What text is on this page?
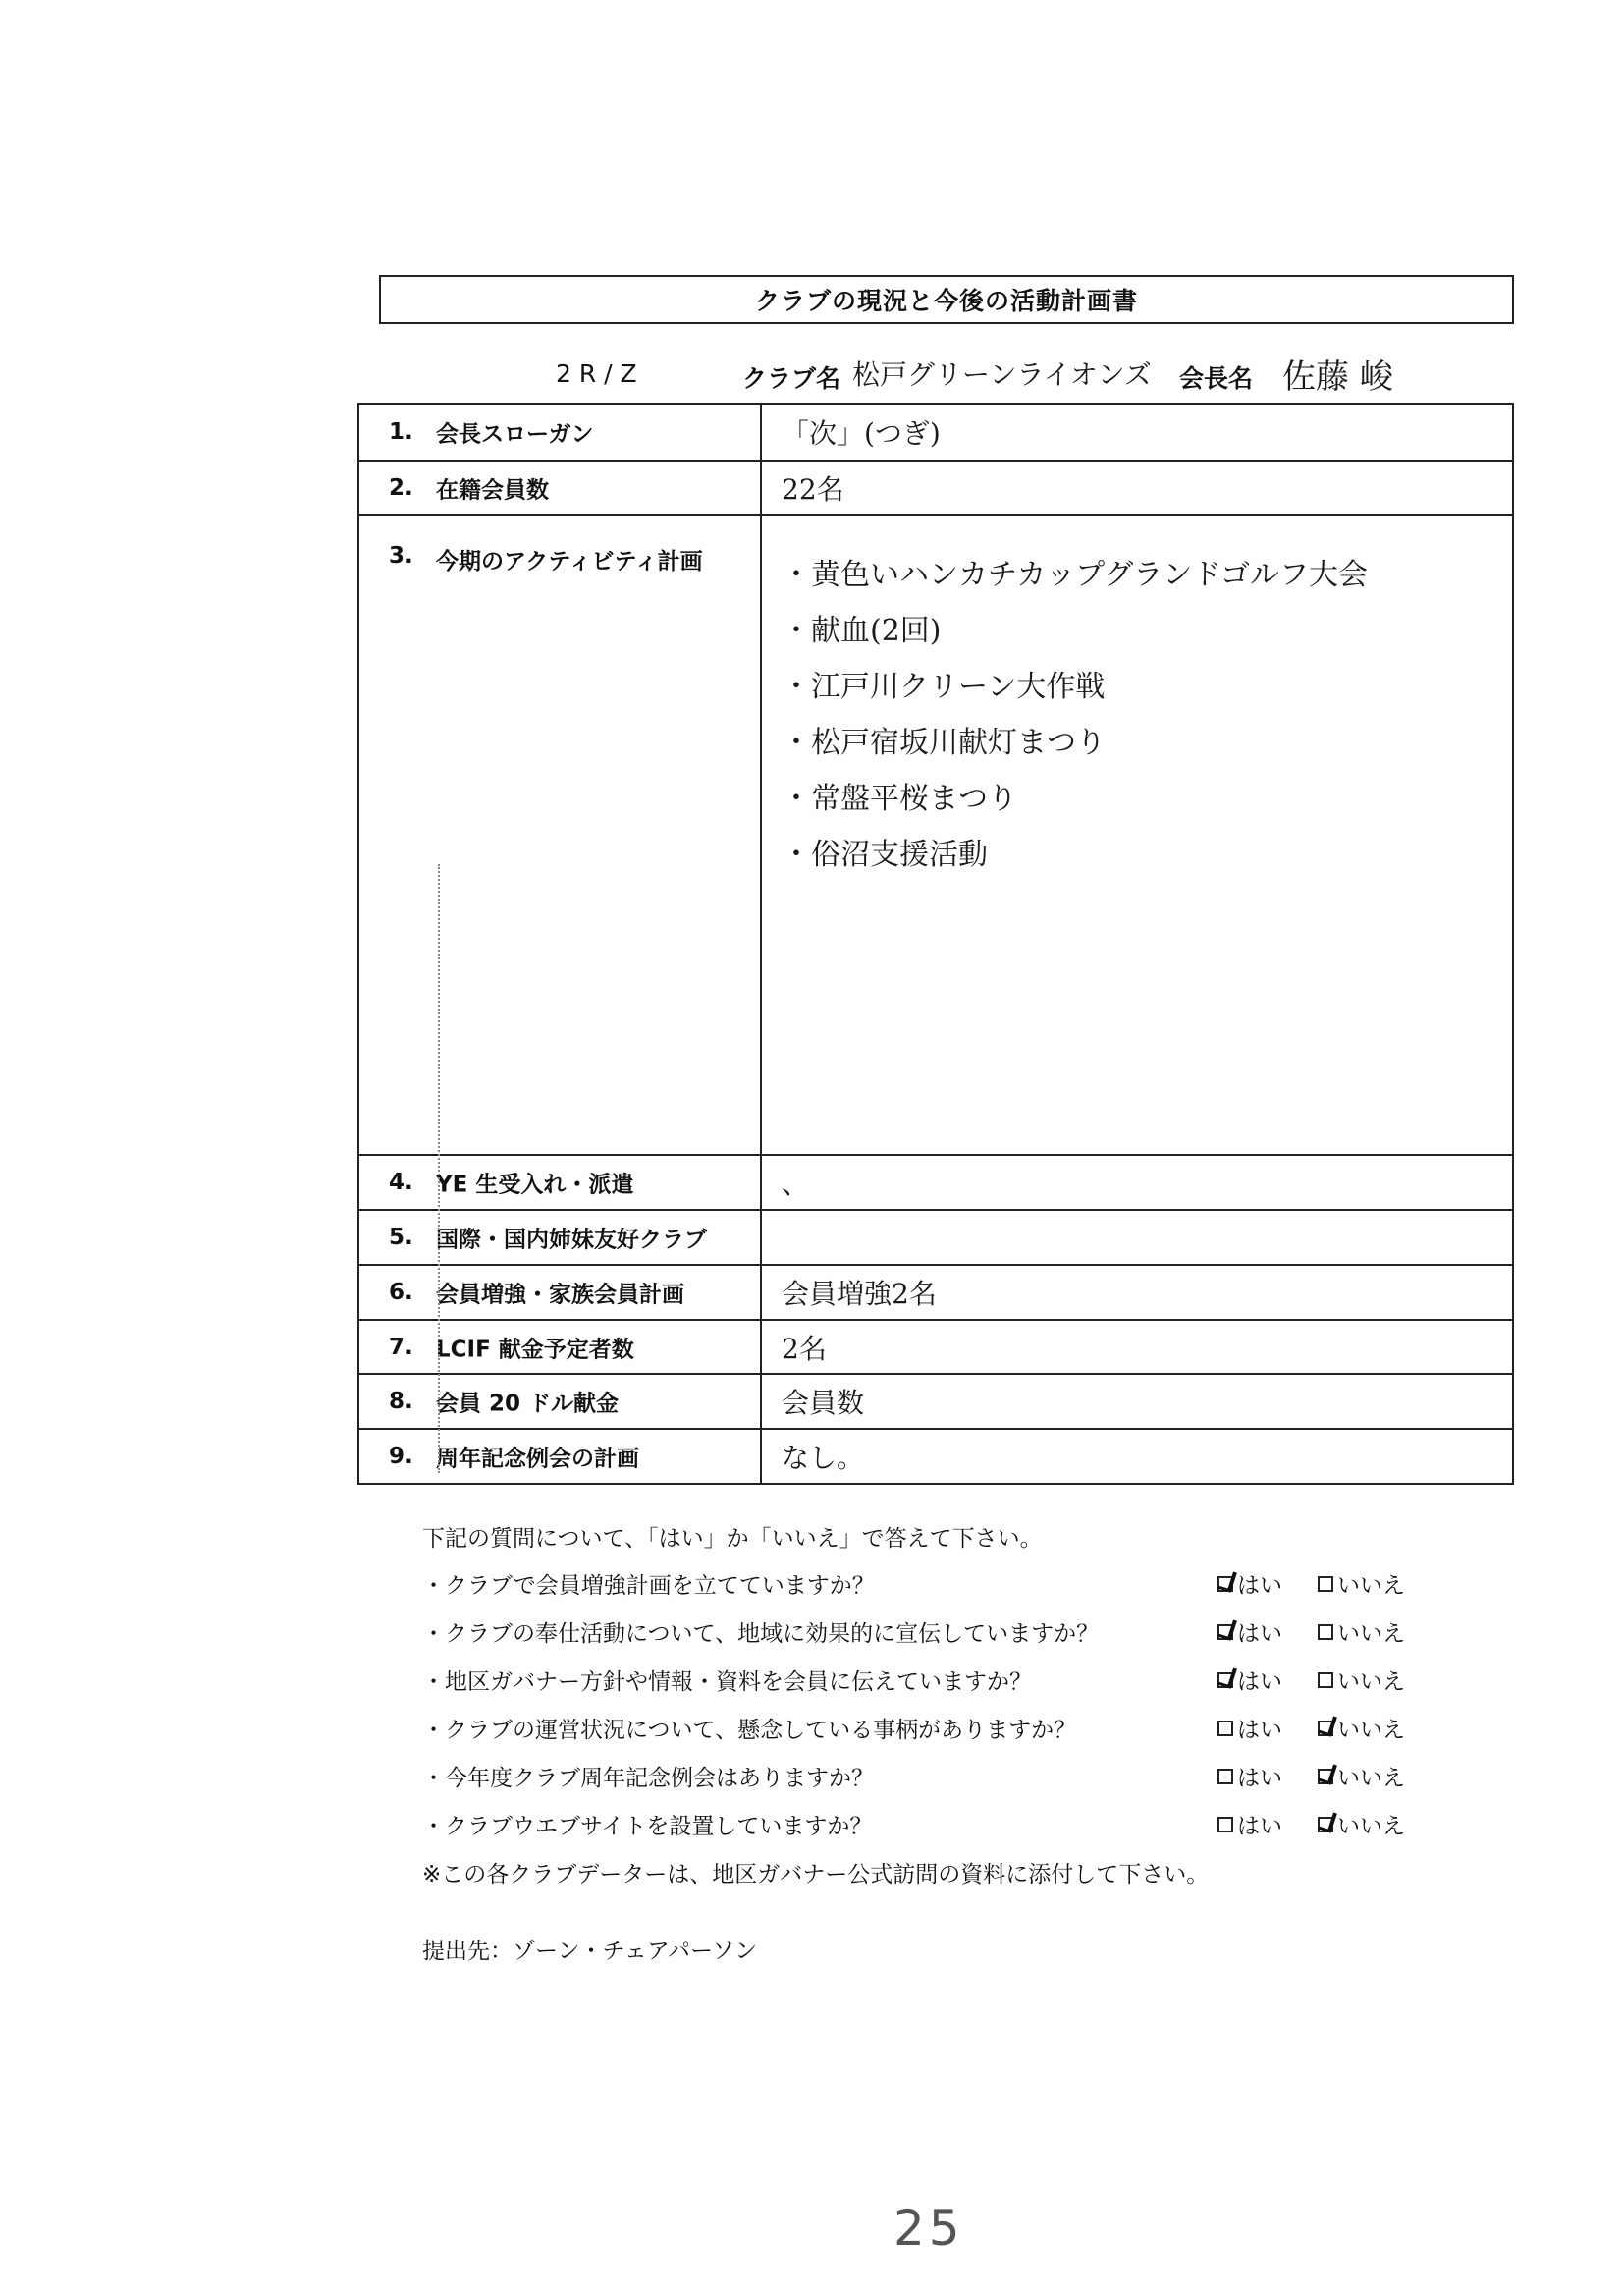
クラブの現況と今後の活動計画書
2 R / Z	クラブ名 松戸グリーンライオンズ 会長名 佐藤 峻
1. 会長スローガン	「次」(つぎ)
2. 在籍会員数	22名
3. 今期のアクティビティ計画	・黄色いハンカチカップグランドゴルフ大会
・献血(2回)
・江戸川クリーン大作戦
・松戸宿坂川献灯まつり
・常盤平桜まつり
・俗沼支援活動
4. YE 生受入れ・派遣	、
5. 国際・国内姉妹友好クラブ
6. 会員増強・家族会員計画	会員増強2名
7. LCIF 献金予定者数	2名
8. 会員 20 ドル献金	会員数
9. 周年記念例会の計画	なし。
下記の質問について、「はい」か「いいえ」で答えて下さい。
・クラブで会員増強計画を立てていますか？	はい いいえ
・クラブの奉仕活動について、地域に効果的に宣伝していますか？	はい いいえ
・地区ガバナー方針や情報・資料を会員に伝えていますか？	はい いいえ
・クラブの運営状況について、懸念している事柄がありますか？	はい いいえ
・今年度クラブ周年記念例会はありますか？	はい いいえ
・クラブウエブサイトを設置していますか？	はい いいえ
※この各クラブデーターは、地区ガバナー公式訪問の資料に添付して下さい。
提出先：ゾーン・チェアパーソン
25
